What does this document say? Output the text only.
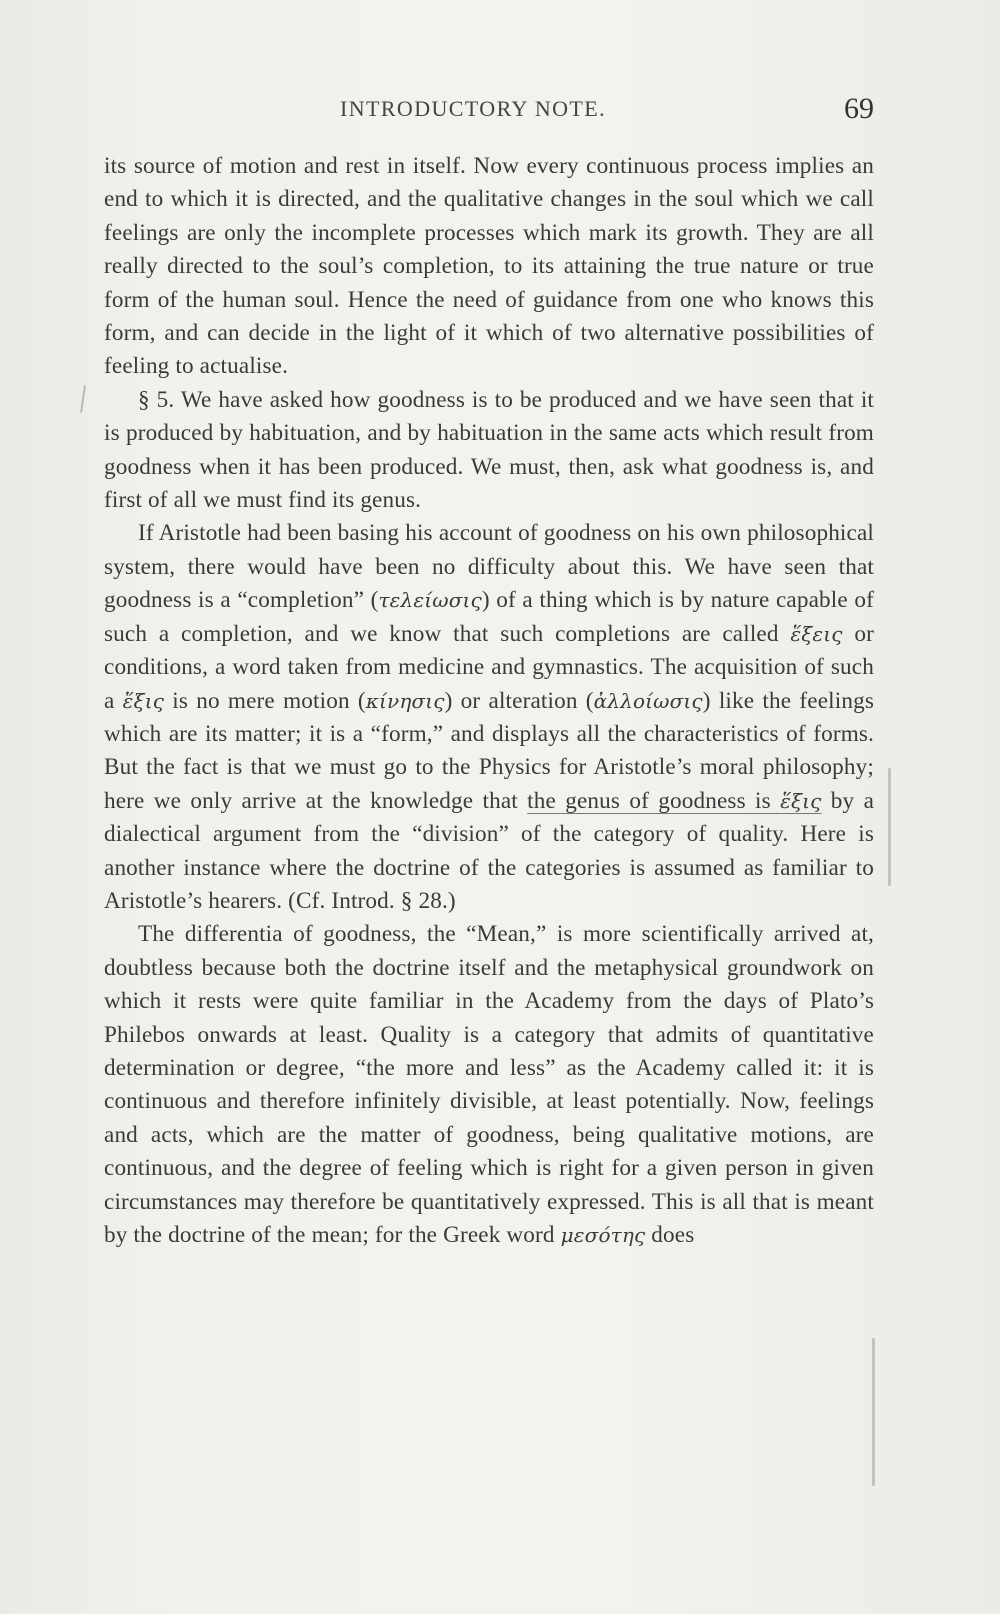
INTRODUCTORY NOTE.	69

its source of motion and rest in itself. Now every continuous process implies an end to which it is directed, and the qualitative changes in the soul which we call feelings are only the incomplete processes which mark its growth. They are all really directed to the soul’s completion, to its attaining the true nature or true form of the human soul. Hence the need of guidance from one who knows this form, and can decide in the light of it which of two alternative possibilities of feeling to actualise.

§ 5. We have asked how goodness is to be produced and we have seen that it is produced by habituation, and by habituation in the same acts which result from goodness when it has been produced. We must, then, ask what goodness is, and first of all we must find its genus.

If Aristotle had been basing his account of goodness on his own philosophical system, there would have been no difficulty about this. We have seen that goodness is a “completion” (τελείωσις) of a thing which is by nature capable of such a completion, and we know that such completions are called ἕξεις or conditions, a word taken from medicine and gymnastics. The acquisition of such a ἕξις is no mere motion (κίνησις) or alteration (ἀλλοίωσις) like the feelings which are its matter; it is a “form,” and displays all the characteristics of forms. But the fact is that we must go to the Physics for Aristotle’s moral philosophy; here we only arrive at the knowledge that the genus of goodness is ἕξις by a dialectical argument from the “division” of the category of quality. Here is another instance where the doctrine of the categories is assumed as familiar to Aristotle’s hearers. (Cf. Introd. § 28.)

The differentia of goodness, the “Mean,” is more scientifically arrived at, doubtless because both the doctrine itself and the metaphysical groundwork on which it rests were quite familiar in the Academy from the days of Plato’s Philebos onwards at least. Quality is a category that admits of quantitative determination or degree, “the more and less” as the Academy called it: it is continuous and therefore infinitely divisible, at least potentially. Now, feelings and acts, which are the matter of goodness, being qualitative motions, are continuous, and the degree of feeling which is right for a given person in given circumstances may therefore be quantitatively expressed. This is all that is meant by the doctrine of the mean; for the Greek word μεσότης does
